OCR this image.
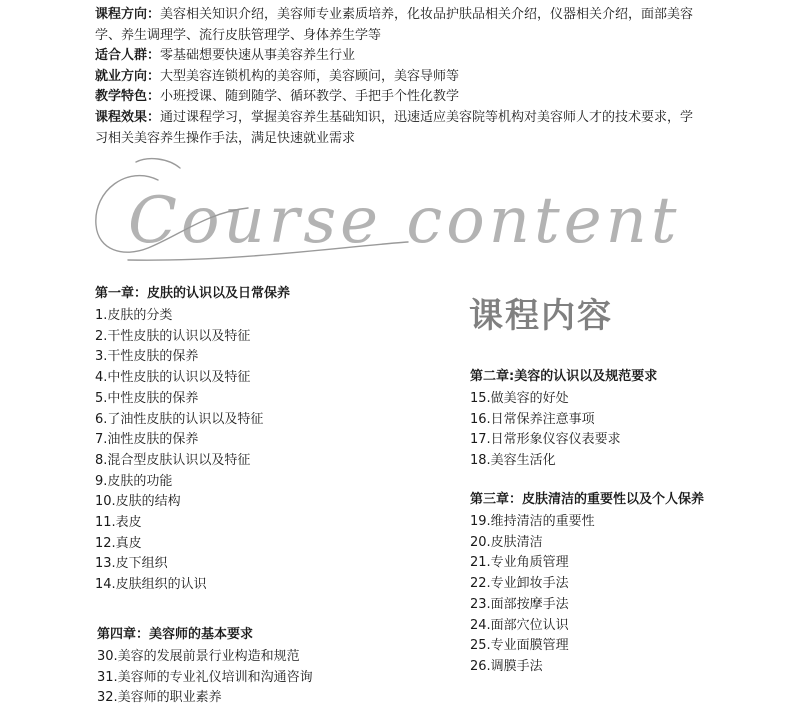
课程方向：美容相关知识介绍，美容师专业素质培养，化妆品护肤品相关介绍，仪器相关介绍，面部美容学、养生调理学、流行皮肤管理学、身体养生学等

适合人群：零基础想要快速从事美容养生行业

就业方向：大型美容连锁机构的美容师，美容顾问，美容导师等

教学特色：小班授课、随到随学、循环教学、手把手个性化教学

课程效果：通过课程学习，掌握美容养生基础知识，迅速适应美容院等机构对美容师人才的技术要求，学习相关美容养生操作手法，满足快速就业需求

Course content
课程内容
第一章：皮肤的认识以及日常保养
1.皮肤的分类
2.干性皮肤的认识以及特征
3.干性皮肤的保养
4.中性皮肤的认识以及特征
5.中性皮肤的保养
6.了油性皮肤的认识以及特征
7.油性皮肤的保养
8.混合型皮肤认识以及特征
9.皮肤的功能
10.皮肤的结构
11.表皮
12.真皮
13.皮下组织
14.皮肤组织的认识
第二章:美容的认识以及规范要求
15.做美容的好处
16.日常保养注意事项
17.日常形象仪容仪表要求
18.美容生活化
第三章：皮肤清洁的重要性以及个人保养
19.维持清洁的重要性
20.皮肤清洁
21.专业角质管理
22.专业卸妆手法
23.面部按摩手法
24.面部穴位认识
25.专业面膜管理
26.调膜手法
第四章：美容师的基本要求
30.美容的发展前景行业构造和规范
31.美容师的专业礼仪培训和沟通咨询
32.美容师的职业素养
